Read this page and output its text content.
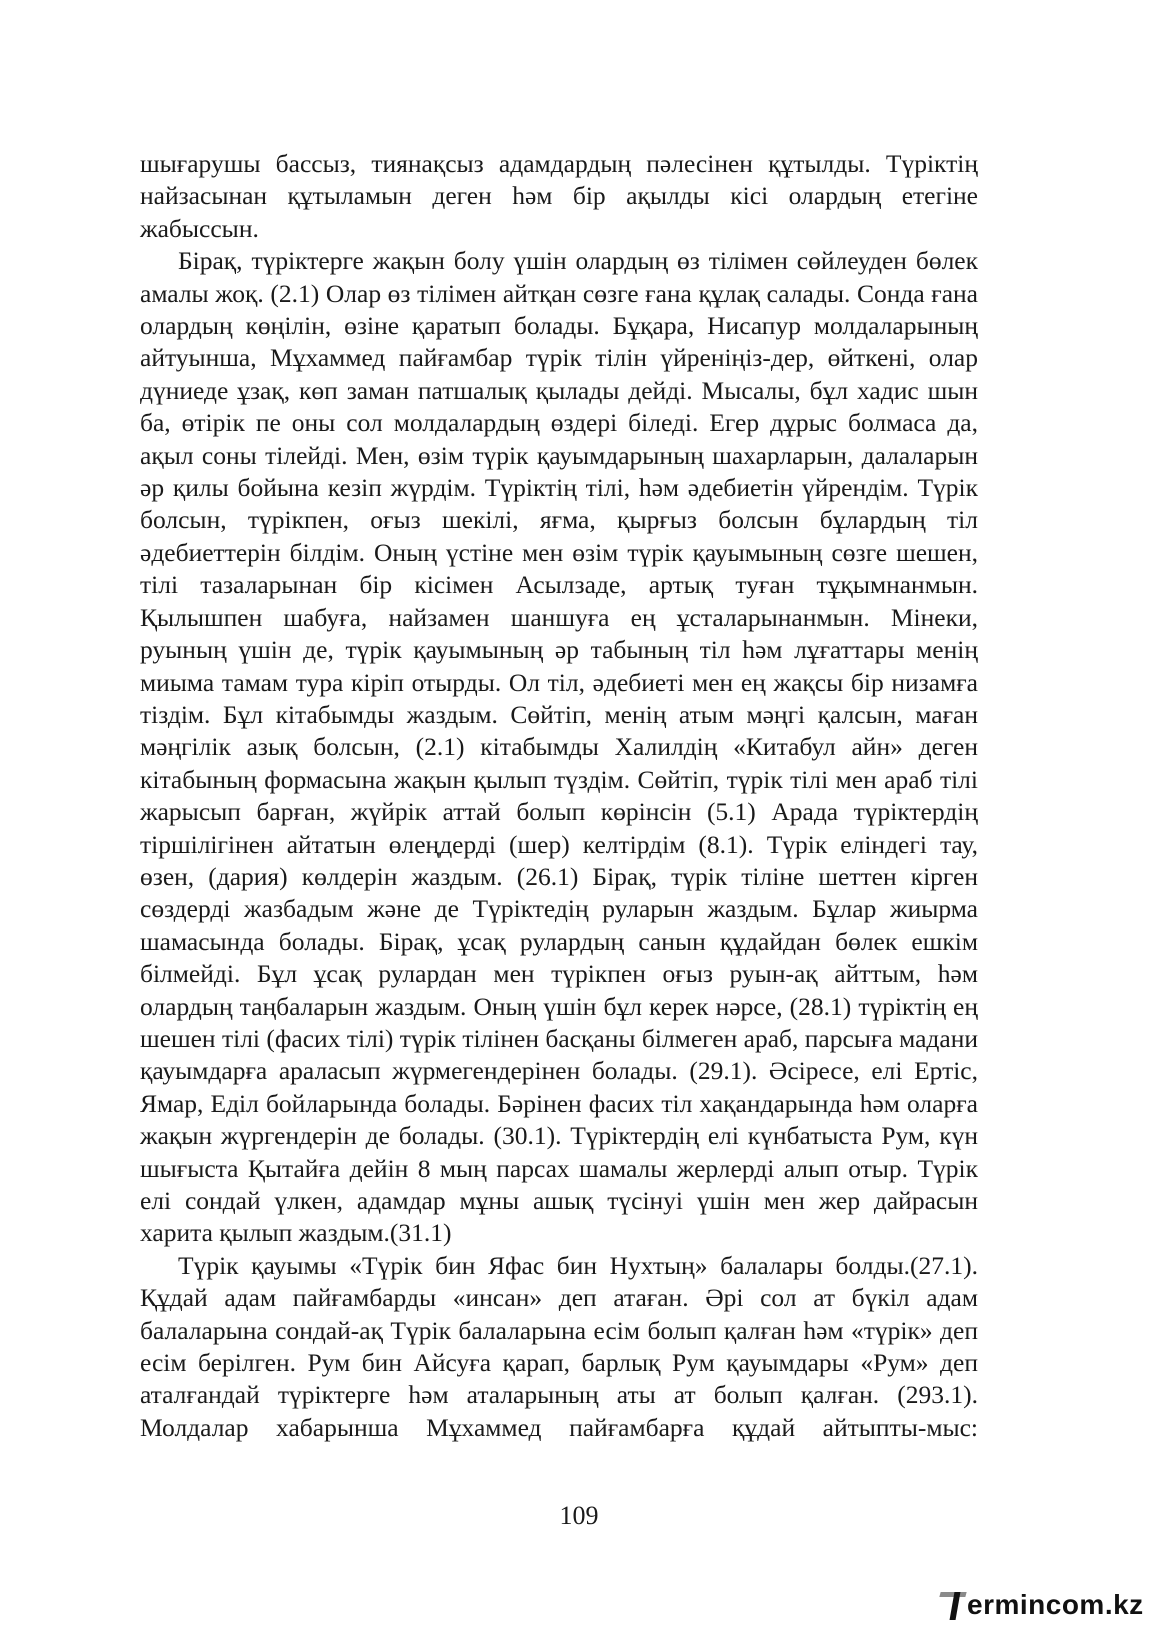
шығарушы бассыз, тиянақсыз адамдардың пәлесінен құтылды. Түріктің найзасынан құтыламын деген һәм бір ақылды кісі олардың етегіне жабыссын.

Бірақ, түріктерге жақын болу үшін олардың өз тілімен сөйлеуден бөлек амалы жоқ. (2.1) Олар өз тілімен айтқан сөзге ғана құлақ салады. Сонда ғана олардың көңілін, өзіне қаратып болады. Бұқара, Нисапур молдаларының айтуынша, Мұхаммед пайғамбар түрік тілін үйреніңіз-дер, өйткені, олар дүниеде ұзақ, көп заман патшалық қылады дейді. Мысалы, бұл хадис шын ба, өтірік пе оны сол молдалардың өздері біледі. Егер дұрыс болмаса да, ақыл соны тілейді. Мен, өзім түрік қауымдарының шахарларын, далаларын әр қилы бойына кезіп жүрдім. Түріктің тілі, һәм әдебиетін үйрендім. Түрік болсын, түрікпен, оғыз шекілі, яғма, қырғыз болсын бұлардың тіл әдебиеттерін білдім. Оның үстіне мен өзім түрік қауымының сөзге шешен, тілі тазаларынан бір кісімен Асылзаде, артық туған тұқымнанмын. Қылышпен шабуға, найзамен шаншуға ең ұсталарынанмын. Мінеки, руының үшін де, түрік қауымының әр табының тіл һәм лұғаттары менің миыма тамам тура кіріп отырды. Ол тіл, әдебиеті мен ең жақсы бір низамға тіздім. Бұл кітабымды жаздым. Сөйтіп, менің атым мәңгі қалсын, маған мәңгілік азық болсын, (2.1) кітабымды Халилдің «Китабул айн» деген кітабының формасына жақын қылып түздім. Сөйтіп, түрік тілі мен араб тілі жарысып барған, жүйрік аттай болып көрінсін (5.1) Арада түріктердің тіршілігінен айтатын өлеңдерді (шер) келтірдім (8.1). Түрік еліндегі тау, өзен, (дария) көлдерін жаздым. (26.1) Бірақ, түрік тіліне шеттен кірген сөздерді жазбадым және де Түріктедің руларын жаздым. Бұлар жиырма шамасында болады. Бірақ, ұсақ рулардың санын құдайдан бөлек ешкім білмейді. Бұл ұсақ рулардан мен түрікпен оғыз руын-ақ айттым, һәм олардың таңбаларын жаздым. Оның үшін бұл керек нәрсе, (28.1) түріктің ең шешен тілі (фасих тілі) түрік тілінен басқаны білмеген араб, парсыға мадани қауымдарға араласып жүрмегендерінен болады. (29.1). Әсіресе, елі Ертіс, Ямар, Еділ бойларында болады. Бәрінен фасих тіл хақандарында һәм оларға жақын жүргендерін де болады. (30.1). Түріктердің елі күнбатыста Рум, күн шығыста Қытайға дейін 8 мың парсах шамалы жерлерді алып отыр. Түрік елі сондай үлкен, адамдар мұны ашық түсінуі үшін мен жер дайрасын харита қылып жаздым.(31.1)

Түрік қауымы «Түрік бин Яфас бин Нухтың» балалары болды.(27.1). Құдай адам пайғамбарды «инсан» деп атаған. Әрі сол ат бүкіл адам балаларына сондай-ақ Түрік балаларына есім болып қалған һәм «түрік» деп есім берілген. Рум бин Айсуға қарап, барлық Рум қауымдары «Рум» деп аталғандай түріктерге һәм аталарының аты ат болып қалған. (293.1). Молдалар хабарынша Мұхаммед пайғамбарға құдай айтыпты-мыс:

109
ermincom.kz
